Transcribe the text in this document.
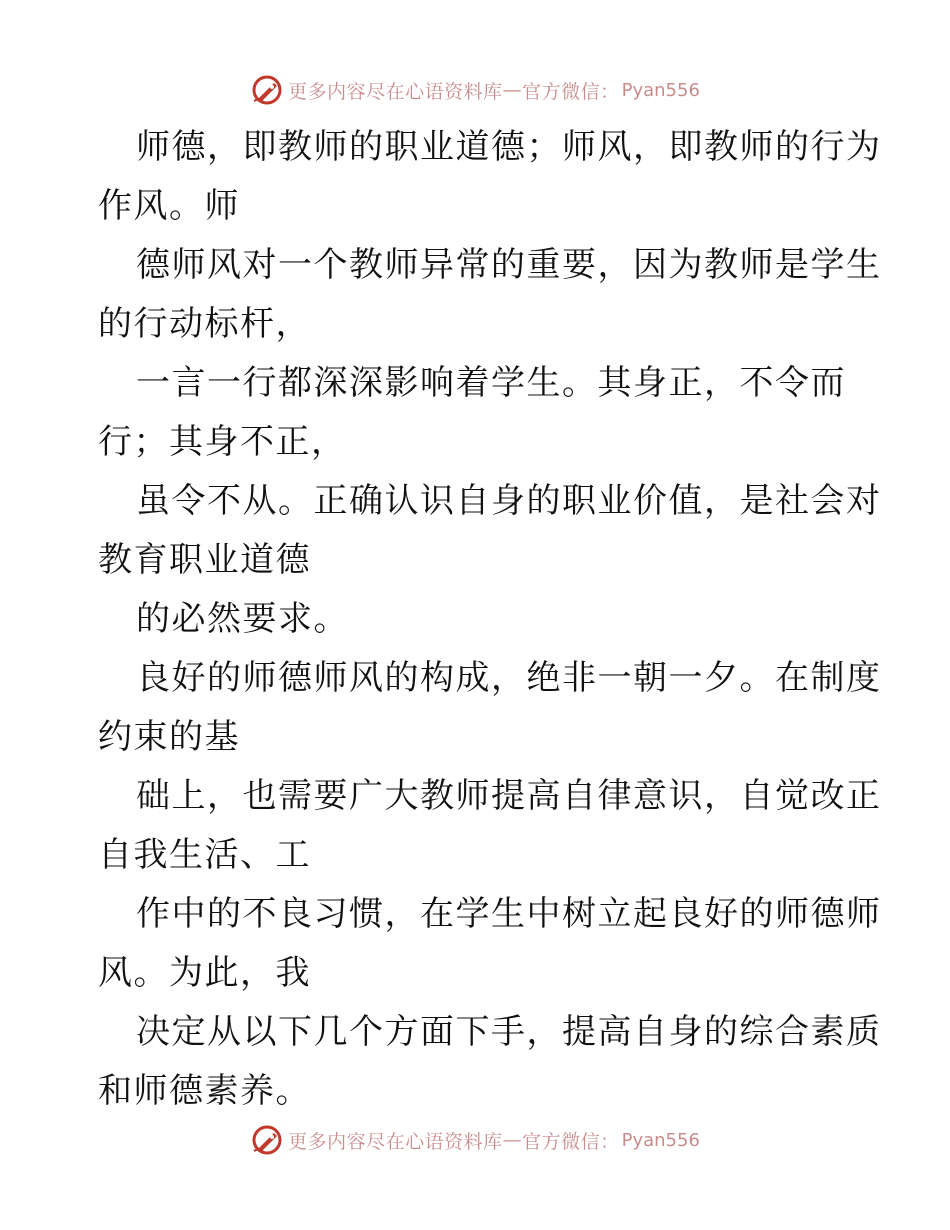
更多内容尽在心语资料库 — 官方微信： Pyan556
师德，即教师的职业道德；师风，即教师的行为
作风。师
德师风对一个教师异常的重要，因为教师是学生
的行动标杆，
一言一行都深深影响着学生。其身正，不令而
行；其身不正，
虽令不从。正确认识自身的职业价值，是社会对
教育职业道德
的必然要求。
良好的师德师风的构成，绝非一朝一夕。在制度
约束的基
础上，也需要广大教师提高自律意识，自觉改正
自我生活、工
作中的不良习惯，在学生中树立起良好的师德师
风。为此，我
决定从以下几个方面下手，提高自身的综合素质
和师德素养。
更多内容尽在心语资料库 — 官方微信： Pyan556
